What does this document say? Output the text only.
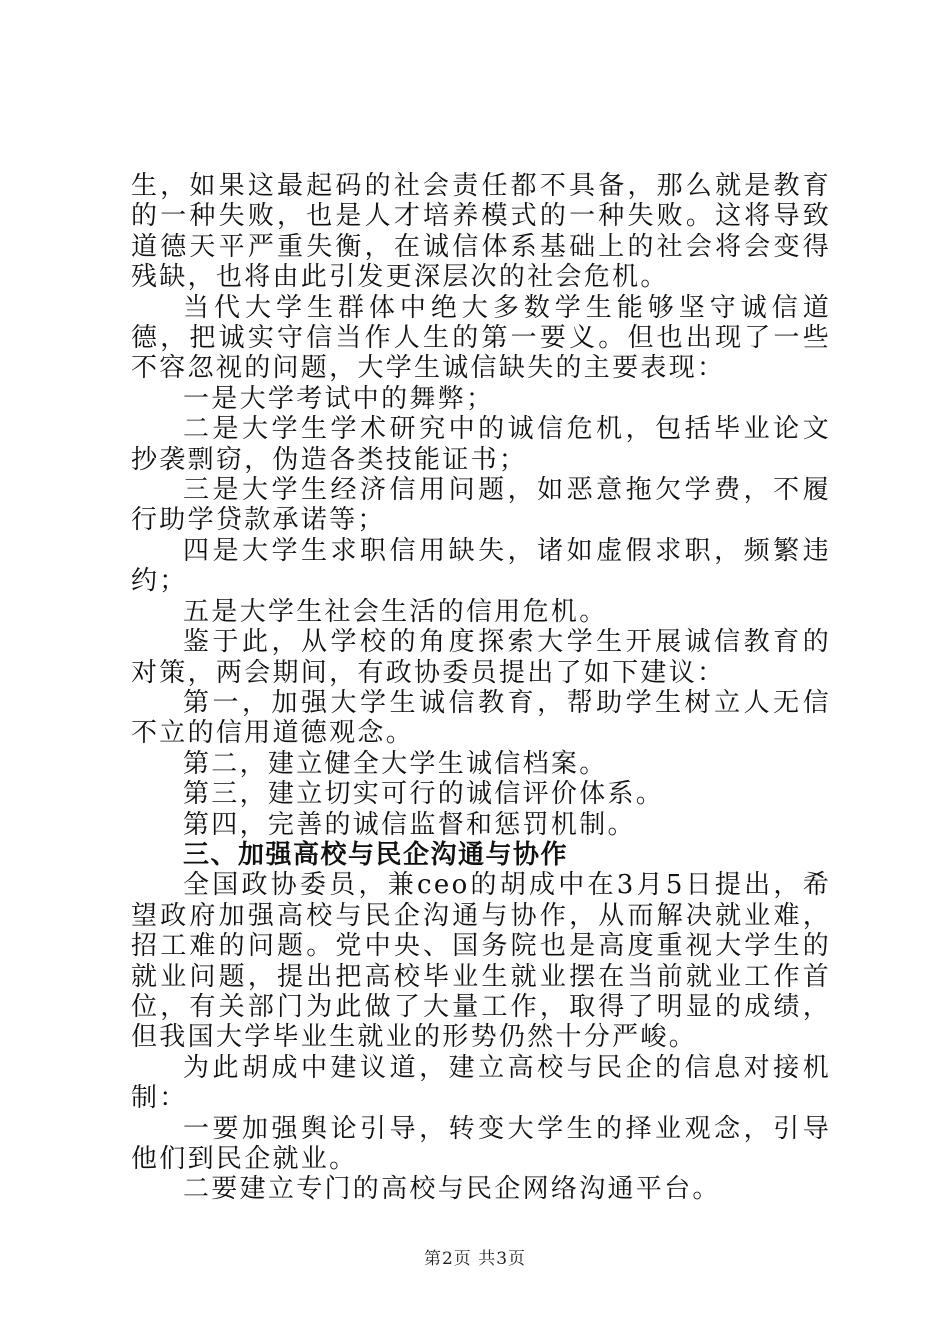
生，如果这最起码的社会责任都不具备，那么就是教育的一种失败，也是人才培养模式的一种失败。这将导致道德天平严重失衡，在诚信体系基础上的社会将会变得残缺，也将由此引发更深层次的社会危机。

当代大学生群体中绝大多数学生能够坚守诚信道德，把诚实守信当作人生的第一要义。但也出现了一些不容忽视的问题，大学生诚信缺失的主要表现：

一是大学考试中的舞弊；

二是大学生学术研究中的诚信危机，包括毕业论文抄袭剽窃，伪造各类技能证书；

三是大学生经济信用问题，如恶意拖欠学费，不履行助学贷款承诺等；

四是大学生求职信用缺失，诸如虚假求职，频繁违约；

五是大学生社会生活的信用危机。

鉴于此，从学校的角度探索大学生开展诚信教育的对策，两会期间，有政协委员提出了如下建议：

第一，加强大学生诚信教育，帮助学生树立人无信不立的信用道德观念。

第二，建立健全大学生诚信档案。

第三，建立切实可行的诚信评价体系。

第四，完善的诚信监督和惩罚机制。

三、加强高校与民企沟通与协作

全国政协委员，兼ceo的胡成中在3月5日提出，希望政府加强高校与民企沟通与协作，从而解决就业难，招工难的问题。党中央、国务院也是高度重视大学生的就业问题，提出把高校毕业生就业摆在当前就业工作首位，有关部门为此做了大量工作，取得了明显的成绩，但我国大学毕业生就业的形势仍然十分严峻。

为此胡成中建议道，建立高校与民企的信息对接机制：

一要加强舆论引导，转变大学生的择业观念，引导他们到民企就业。

二要建立专门的高校与民企网络沟通平台。

第2页 共3页
